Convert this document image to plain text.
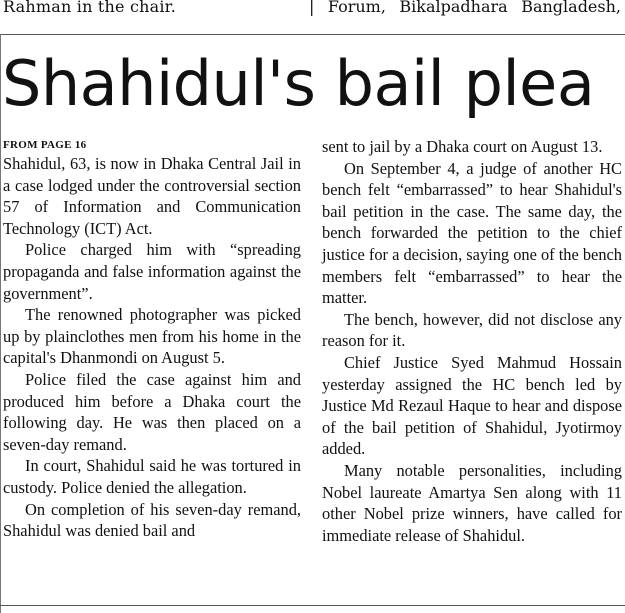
Rahman in the chair.	| Forum, Bikalpadhara Bangladesh,
Shahidul's bail plea
FROM PAGE 16

Shahidul, 63, is now in Dhaka Central Jail in a case lodged under the controversial section 57 of Information and Communication Technology (ICT) Act.

Police charged him with “spreading propaganda and false information against the government”.

The renowned photographer was picked up by plainclothes men from his home in the capital's Dhanmondi on August 5.

Police filed the case against him and produced him before a Dhaka court the following day. He was then placed on a seven-day remand.

In court, Shahidul said he was tortured in custody. Police denied the allegation.

On completion of his seven-day remand, Shahidul was denied bail and

sent to jail by a Dhaka court on August 13.

On September 4, a judge of another HC bench felt “embarrassed” to hear Shahidul's bail petition in the case. The same day, the bench forwarded the petition to the chief justice for a decision, saying one of the bench members felt “embarrassed” to hear the matter.

The bench, however, did not disclose any reason for it.

Chief Justice Syed Mahmud Hossain yesterday assigned the HC bench led by Justice Md Rezaul Haque to hear and dispose of the bail petition of Shahidul, Jyotirmoy added.

Many notable personalities, including Nobel laureate Amartya Sen along with 11 other Nobel prize winners, have called for immediate release of Shahidul.
